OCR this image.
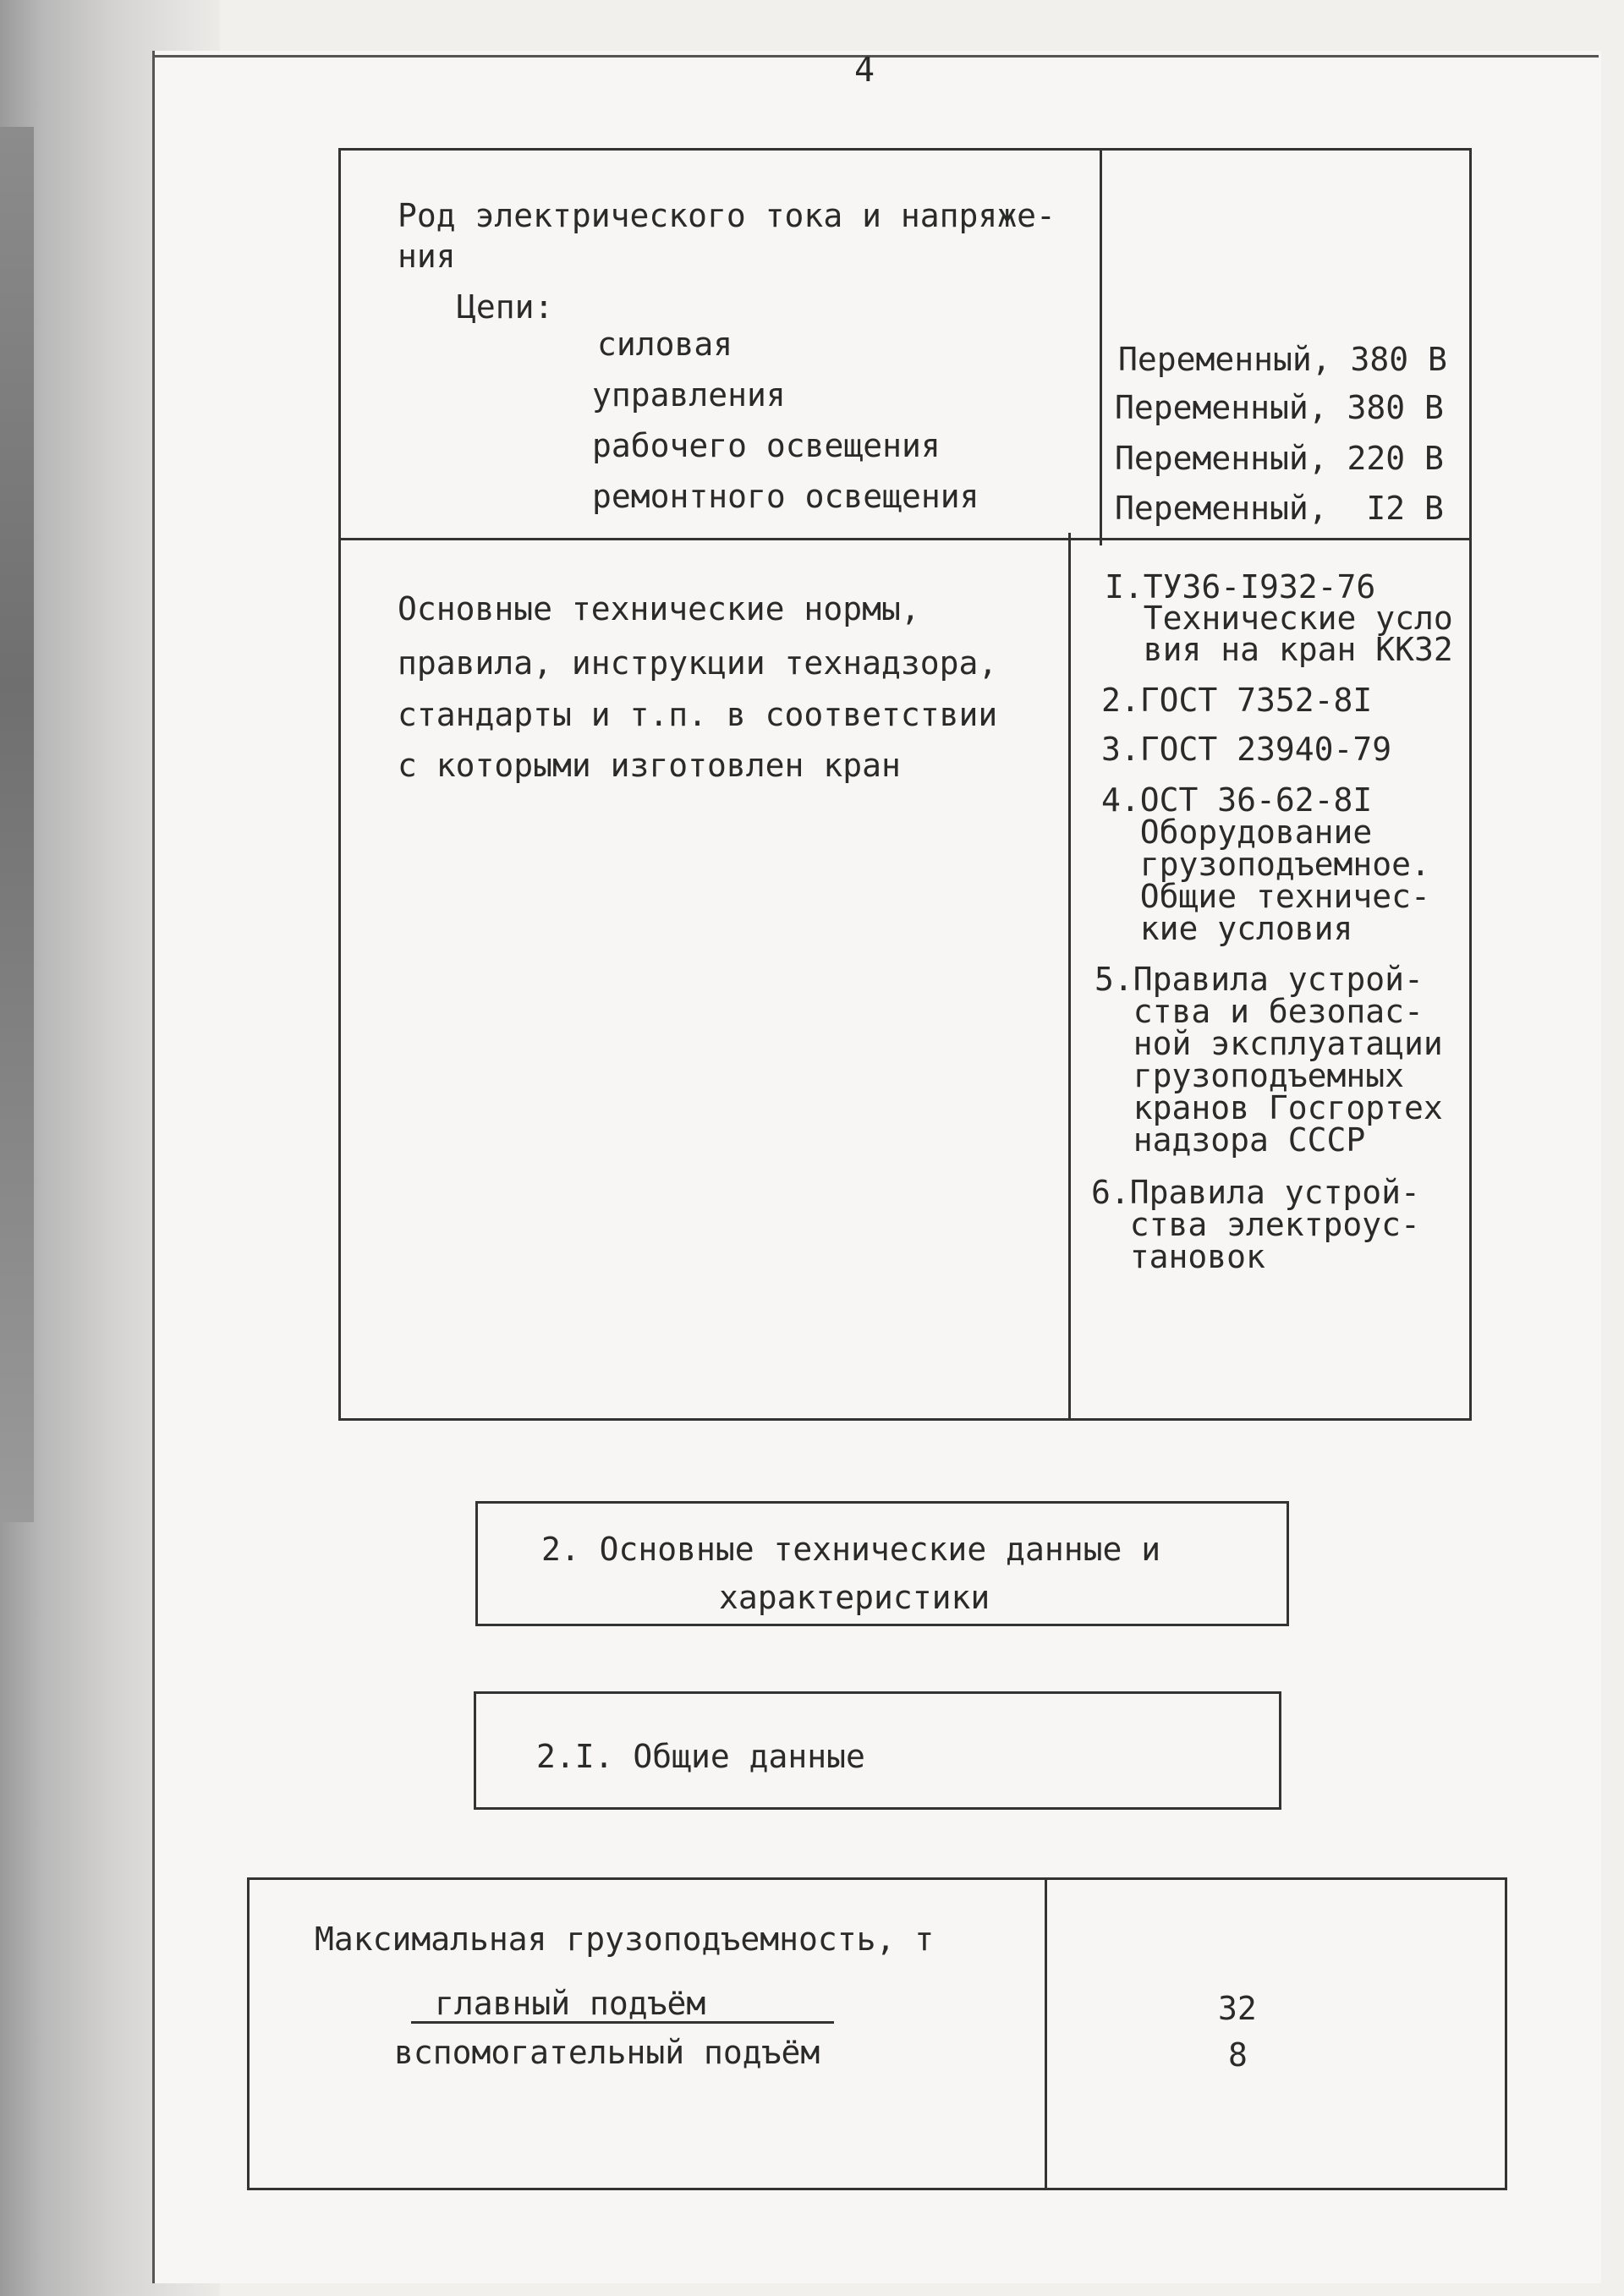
4
Род электрического тока и напряже-
ния
Цепи:
силовая
управления
рабочего освещения
ремонтного освещения
Переменный, 380 В
Переменный, 380 В
Переменный, 220 В
Переменный,  I2 В
Основные технические нормы,
правила, инструкции технадзора,
стандарты и т.п. в соответствии
с которыми изготовлен кран
I.ТУ36-I932-76
Технические усло
вия на кран КК32
2.ГОСТ 7352-8I
3.ГОСТ 23940-79
4.ОСТ 36-62-8I
Оборудование
грузоподъемное.
Общие техничес-
кие условия
5.Правила устрой-
ства и безопас-
ной эксплуатации
грузоподъемных
кранов Госгортех
надзора СССР
6.Правила устрой-
ства электроус-
тановок
2. Основные технические данные и
характеристики
2.I. Общие данные
Максимальная грузоподъемность, т
главный подъём
вспомогательный подъём
32
8
